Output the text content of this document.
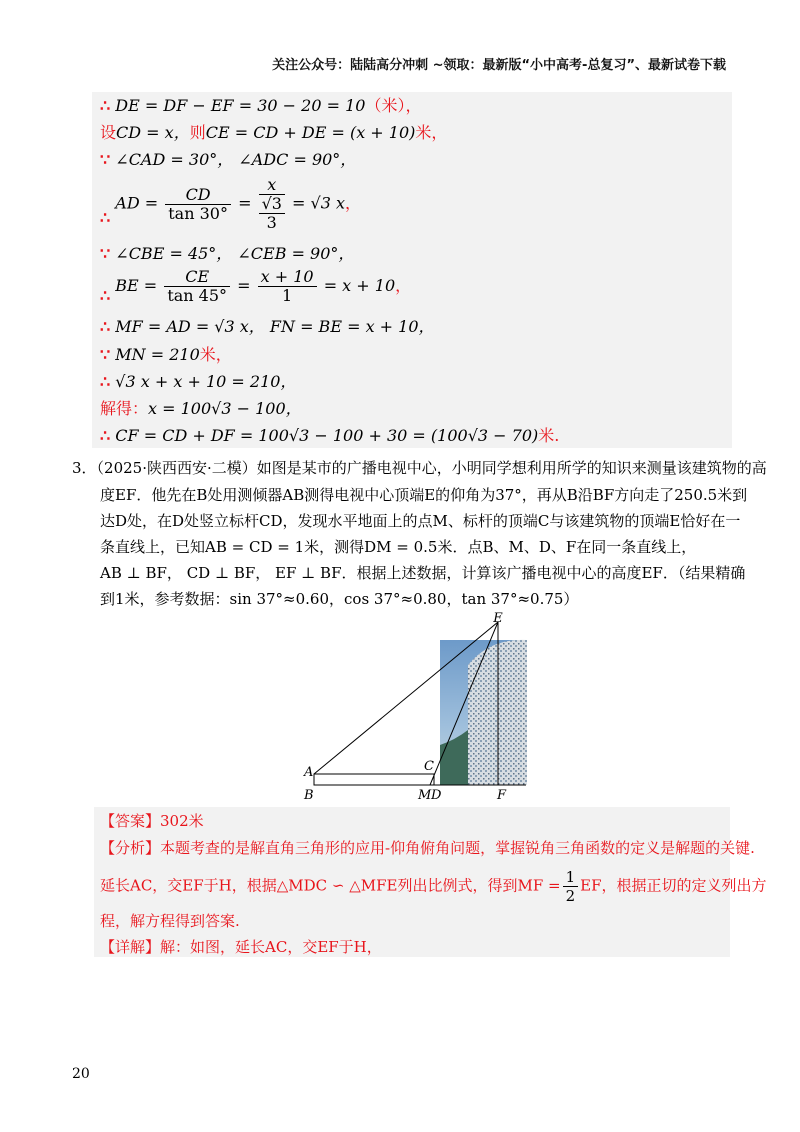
关注公众号：陆陆高分冲刺 ~领取：最新版“小中高考-总复习”、最新试卷下载
∴ DE = DF − EF = 30 − 20 = 10（米），
设CD = x，则CE = CD + DE = (x + 10)米，
∵ ∠CAD = 30°， ∠ADC = 90°，
∴ AD = $\frac{CD}{\tan 30^\circ}$ =
x
√3
3
= √3 x，
∵ ∠CBE = 45°， ∠CEB = 90°，
∴ BE = $\frac{CE}{\tan 45^\circ} = \frac{x + 10}{1} = x + 10$，
∴ MF = AD = √3 x， FN = BE = x + 10，
∵ MN = 210米，
∴ √3 x + x + 10 = 210，
解得：x = 100√3 − 100，
∴ CF = CD + DF = 100√3 − 100 + 30 = (100√3 − 70)米.
3．（2025·陕西西安·二模）如图是某市的广播电视中心，小明同学想利用所学的知识来测量该建筑物的高
度EF．他先在B处用测倾器AB测得电视中心顶端E的仰角为37°，再从B沿BF方向走了250.5米到
达D处，在D处竖立标杆CD，发现水平地面上的点M、标杆的顶端C与该建筑物的顶端E恰好在一
条直线上，已知AB = CD = 1米，测得DM = 0.5米．点B、M、D、F在同一条直线上，
AB ⊥ BF， CD ⊥ BF， EF ⊥ BF．根据上述数据，计算该广播电视中心的高度EF．（结果精确
到1米，参考数据：sin 37°≈0.60，cos 37°≈0.80，tan 37°≈0.75）
E
A
B
C
M D	F
【答案】302米
【分析】本题考查的是解直角三角形的应用-仰角俯角问题，掌握锐角三角函数的定义是解题的关键.
延长AC，交EF于H，根据△MDC ∽ △MFE列出比例式，得到MF = $\frac{1}{2}$ EF，根据正切的定义列出方
程，解方程得到答案.
【详解】解：如图，延长AC，交EF于H，
20
